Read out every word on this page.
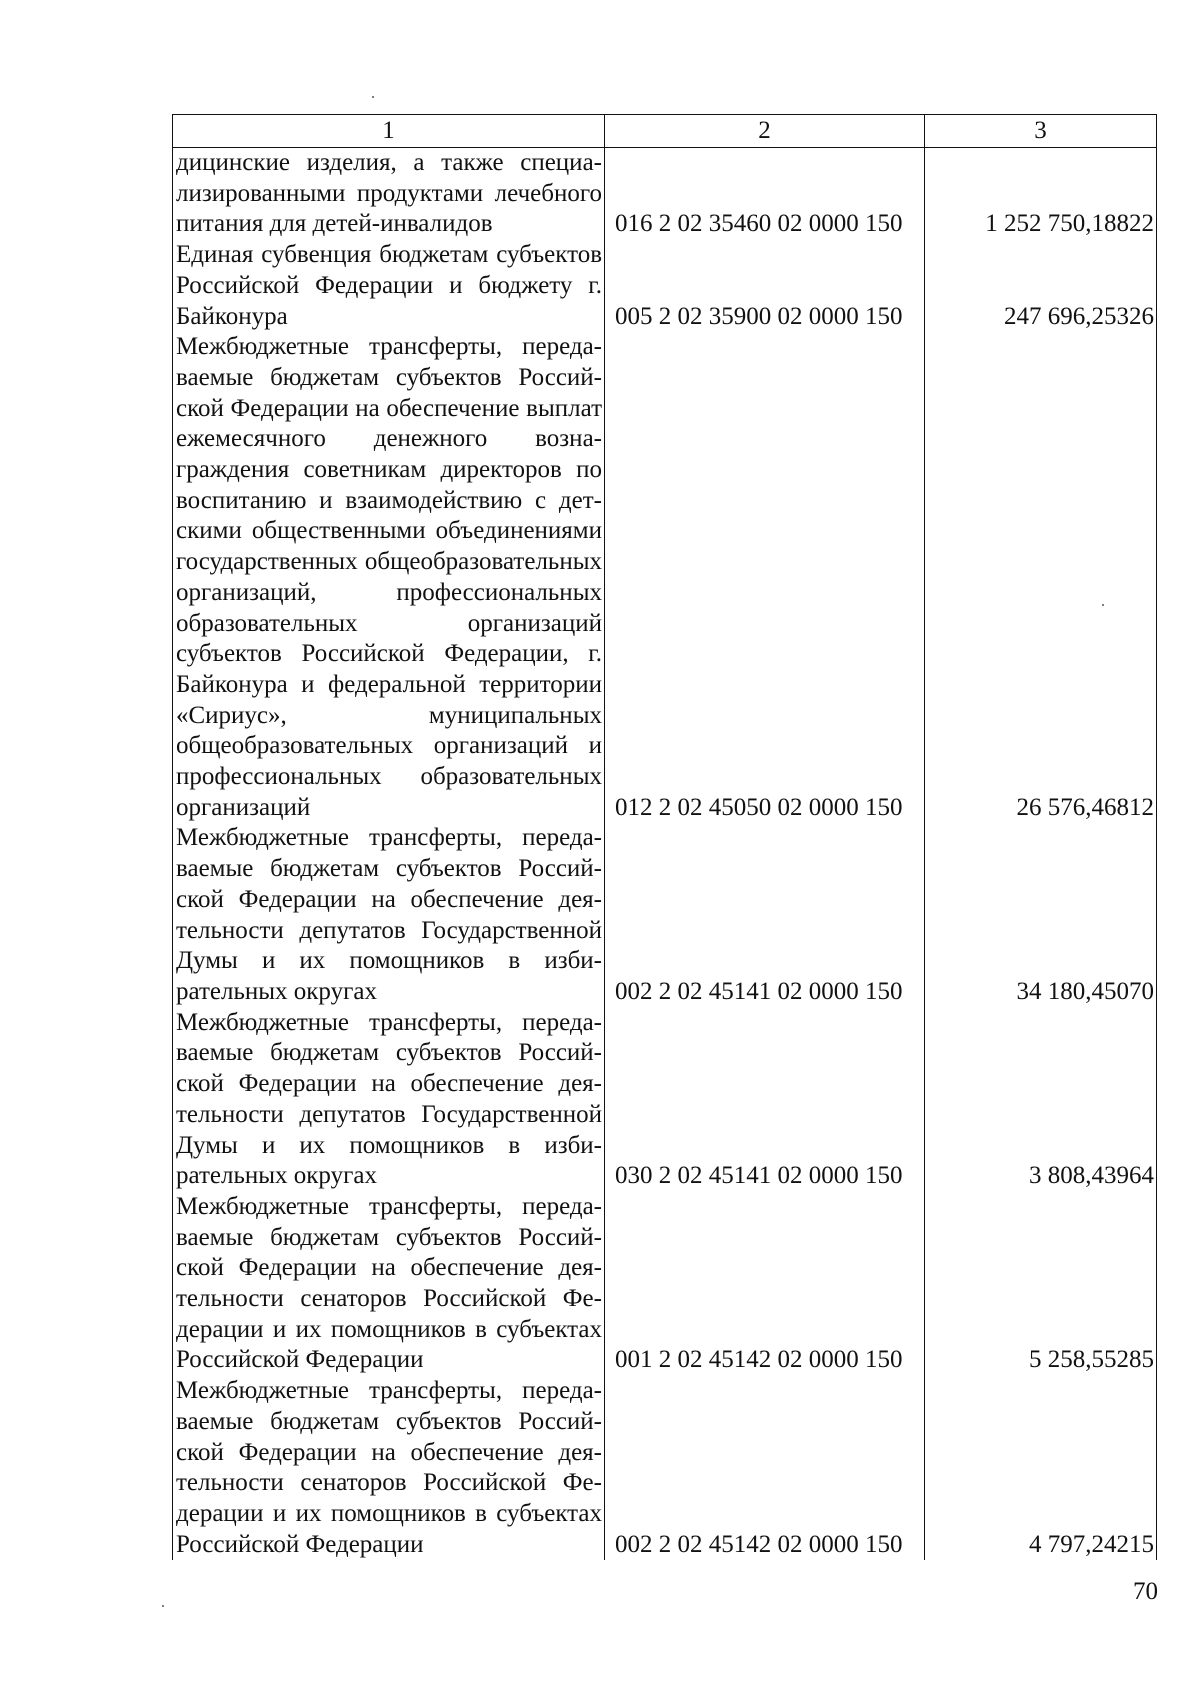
1	2	3
дицинские изделия, а также специализированными продуктами лечебного питания для детей-инвалидов	016 2 02 35460 02 0000 150	1 252 750,18822
Единая субвенция бюджетам субъектов Российской Федерации и бюджету г. Байконура	005 2 02 35900 02 0000 150	247 696,25326
Межбюджетные трансферты, передаваемые бюджетам субъектов Российской Федерации на обеспечение выплат ежемесячного денежного вознаграждения советникам директоров по воспитанию и взаимодействию с детскими общественными объединениями государственных общеобразовательных организаций, профессиональных образовательных организаций субъектов Российской Федерации, г. Байконура и федеральной территории «Сириус», муниципальных общеобразовательных организаций и профессиональных образовательных организаций	012 2 02 45050 02 0000 150	26 576,46812
Межбюджетные трансферты, передаваемые бюджетам субъектов Российской Федерации на обеспечение деятельности депутатов Государственной Думы и их помощников в избирательных округах	002 2 02 45141 02 0000 150	34 180,45070
Межбюджетные трансферты, передаваемые бюджетам субъектов Российской Федерации на обеспечение деятельности депутатов Государственной Думы и их помощников в избирательных округах	030 2 02 45141 02 0000 150	3 808,43964
Межбюджетные трансферты, передаваемые бюджетам субъектов Российской Федерации на обеспечение деятельности сенаторов Российской Федерации и их помощников в субъектах Российской Федерации	001 2 02 45142 02 0000 150	5 258,55285
Межбюджетные трансферты, передаваемые бюджетам субъектов Российской Федерации на обеспечение деятельности сенаторов Российской Федерации и их помощников в субъектах Российской Федерации	002 2 02 45142 02 0000 150	4 797,24215
70
